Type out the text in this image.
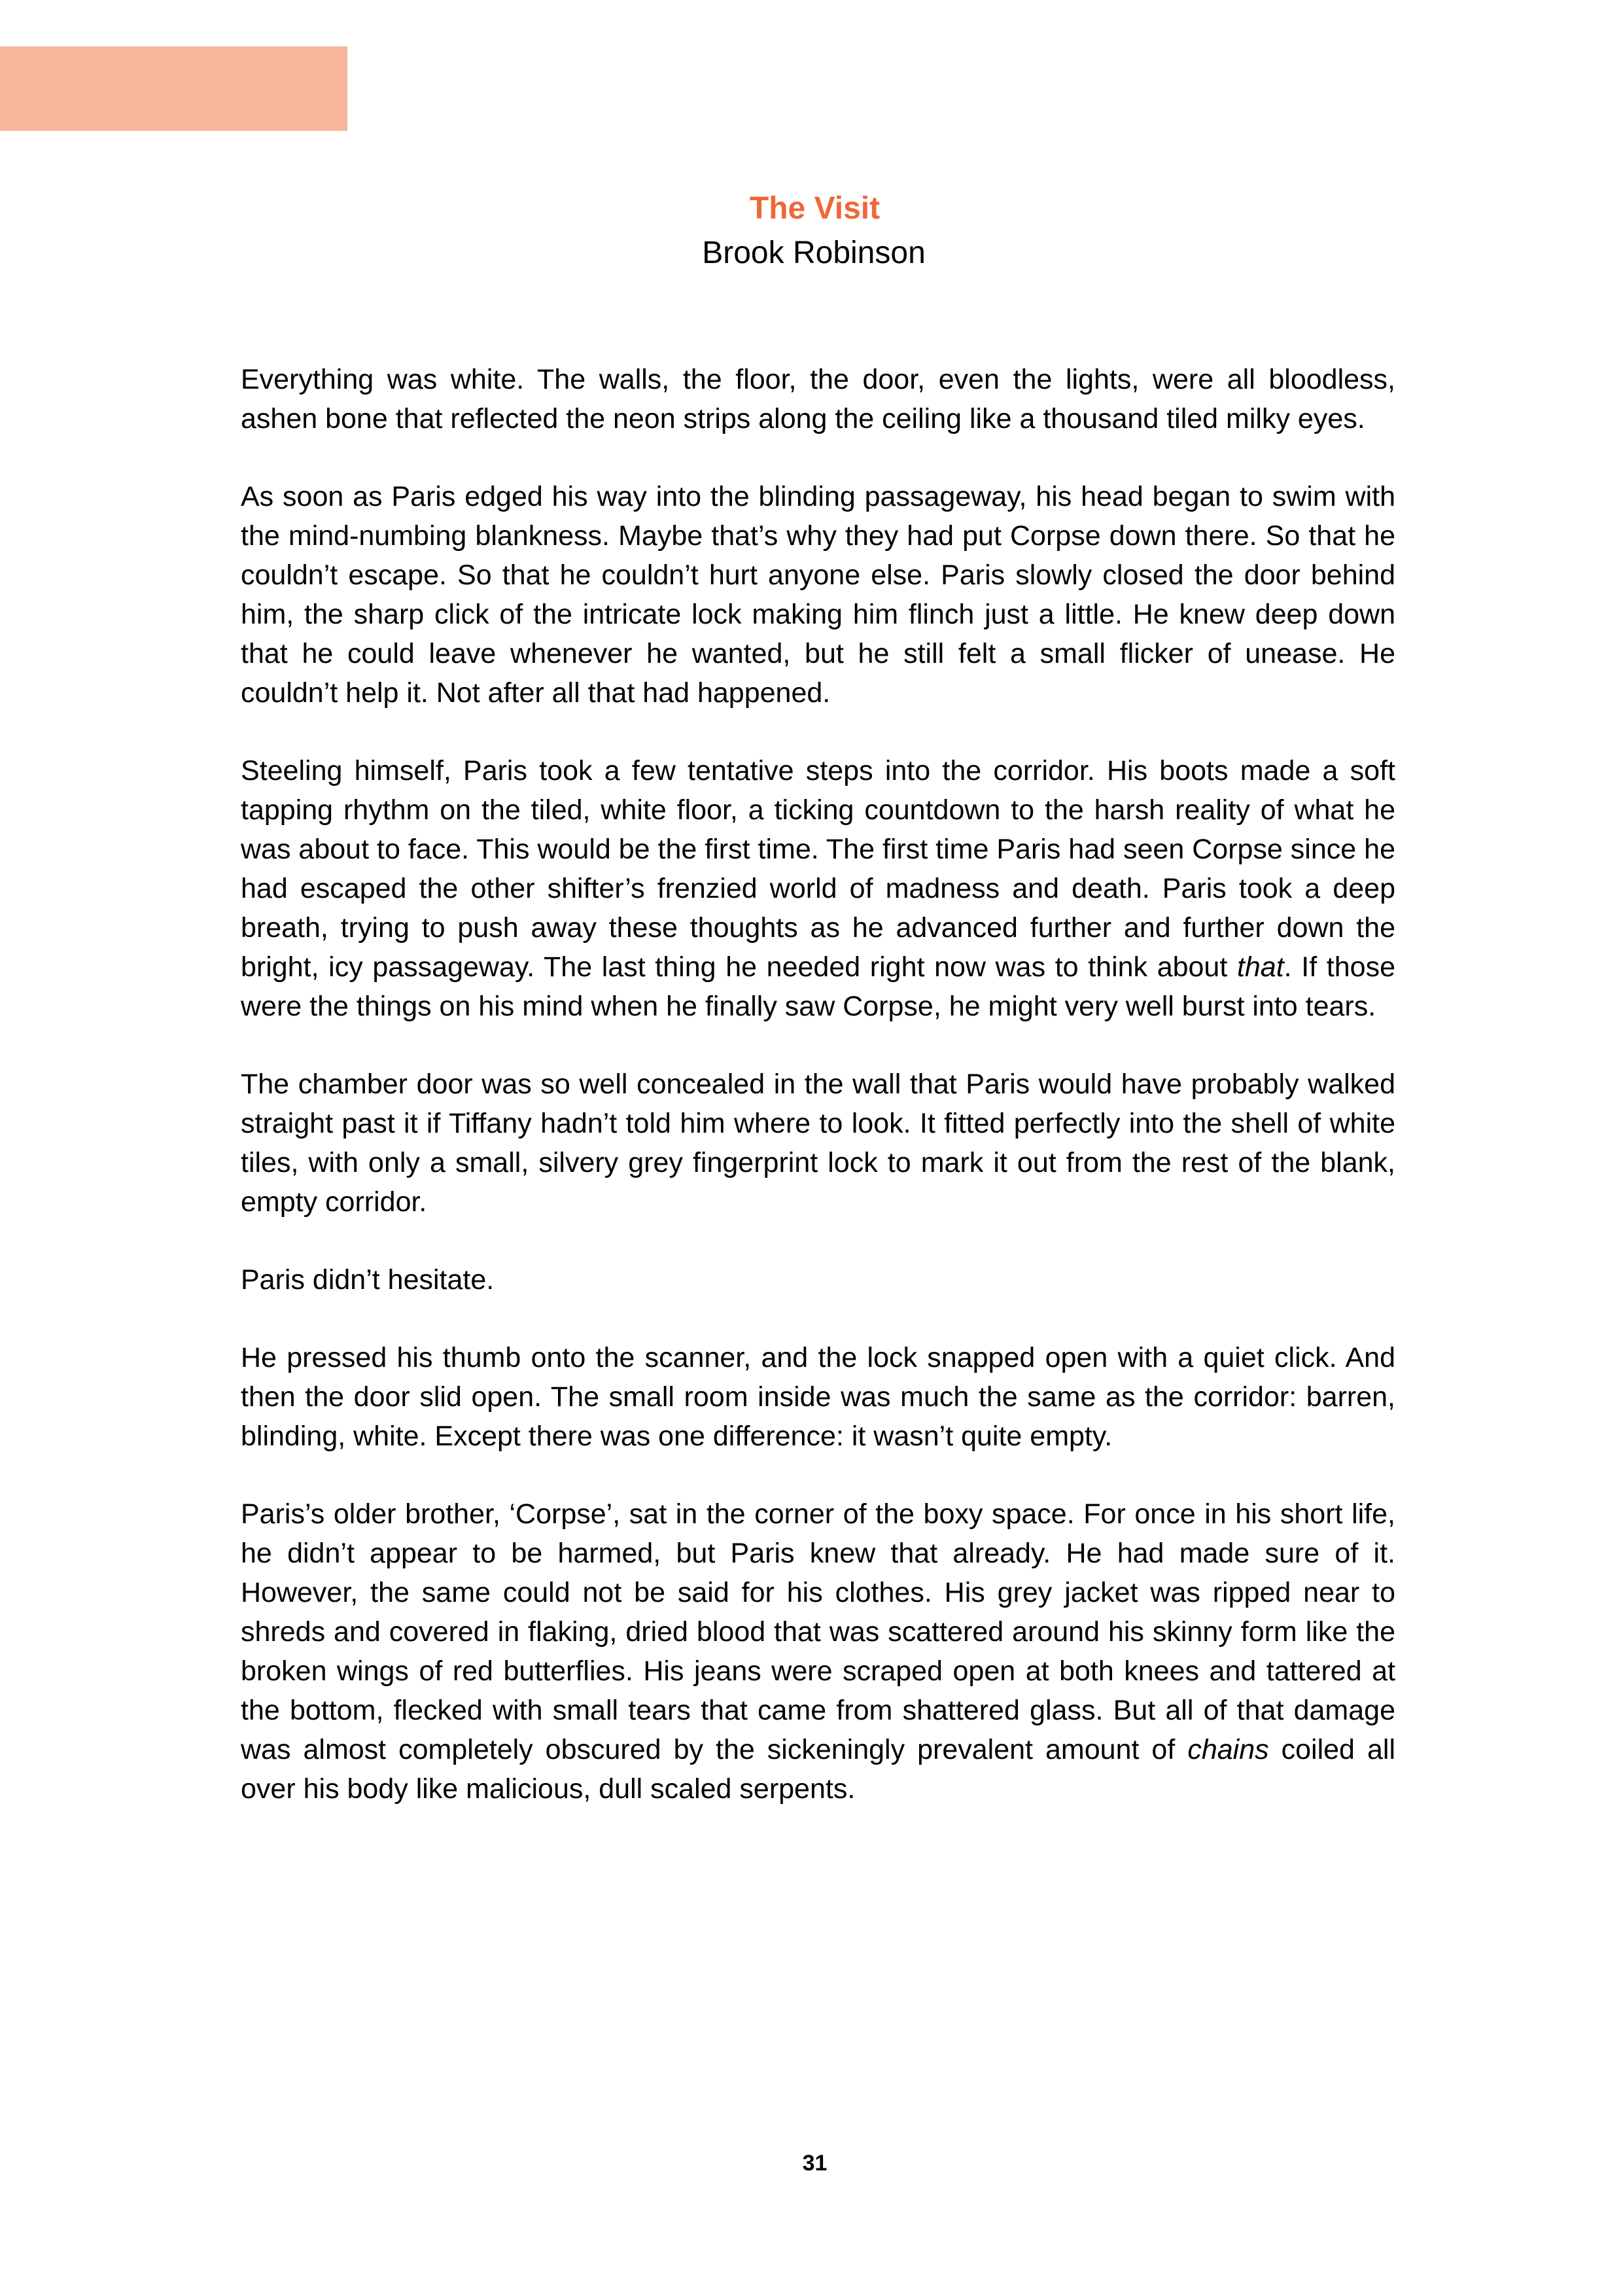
The Visit

Brook Robinson

Everything was white. The walls, the floor, the door, even the lights, were all bloodless, ashen bone that reflected the neon strips along the ceiling like a thousand tiled milky eyes.

As soon as Paris edged his way into the blinding passageway, his head began to swim with the mind-numbing blankness. Maybe that’s why they had put Corpse down there. So that he couldn’t escape. So that he couldn’t hurt anyone else. Paris slowly closed the door behind him, the sharp click of the intricate lock making him flinch just a little. He knew deep down that he could leave whenever he wanted, but he still felt a small flicker of unease. He couldn’t help it. Not after all that had happened.

Steeling himself, Paris took a few tentative steps into the corridor. His boots made a soft tapping rhythm on the tiled, white floor, a ticking countdown to the harsh reality of what he was about to face. This would be the first time. The first time Paris had seen Corpse since he had escaped the other shifter’s frenzied world of madness and death. Paris took a deep breath, trying to push away these thoughts as he advanced further and further down the bright, icy passageway. The last thing he needed right now was to think about that. If those were the things on his mind when he finally saw Corpse, he might very well burst into tears.

The chamber door was so well concealed in the wall that Paris would have probably walked straight past it if Tiffany hadn’t told him where to look. It fitted perfectly into the shell of white tiles, with only a small, silvery grey fingerprint lock to mark it out from the rest of the blank, empty corridor.

Paris didn’t hesitate.

He pressed his thumb onto the scanner, and the lock snapped open with a quiet click. And then the door slid open. The small room inside was much the same as the corridor: barren, blinding, white. Except there was one difference: it wasn’t quite empty.

Paris’s older brother, ‘Corpse’, sat in the corner of the boxy space. For once in his short life, he didn’t appear to be harmed, but Paris knew that already. He had made sure of it. However, the same could not be said for his clothes. His grey jacket was ripped near to shreds and covered in flaking, dried blood that was scattered around his skinny form like the broken wings of red butterflies. His jeans were scraped open at both knees and tattered at the bottom, flecked with small tears that came from shattered glass. But all of that damage was almost completely obscured by the sickeningly prevalent amount of chains coiled all over his body like malicious, dull scaled serpents.

31
